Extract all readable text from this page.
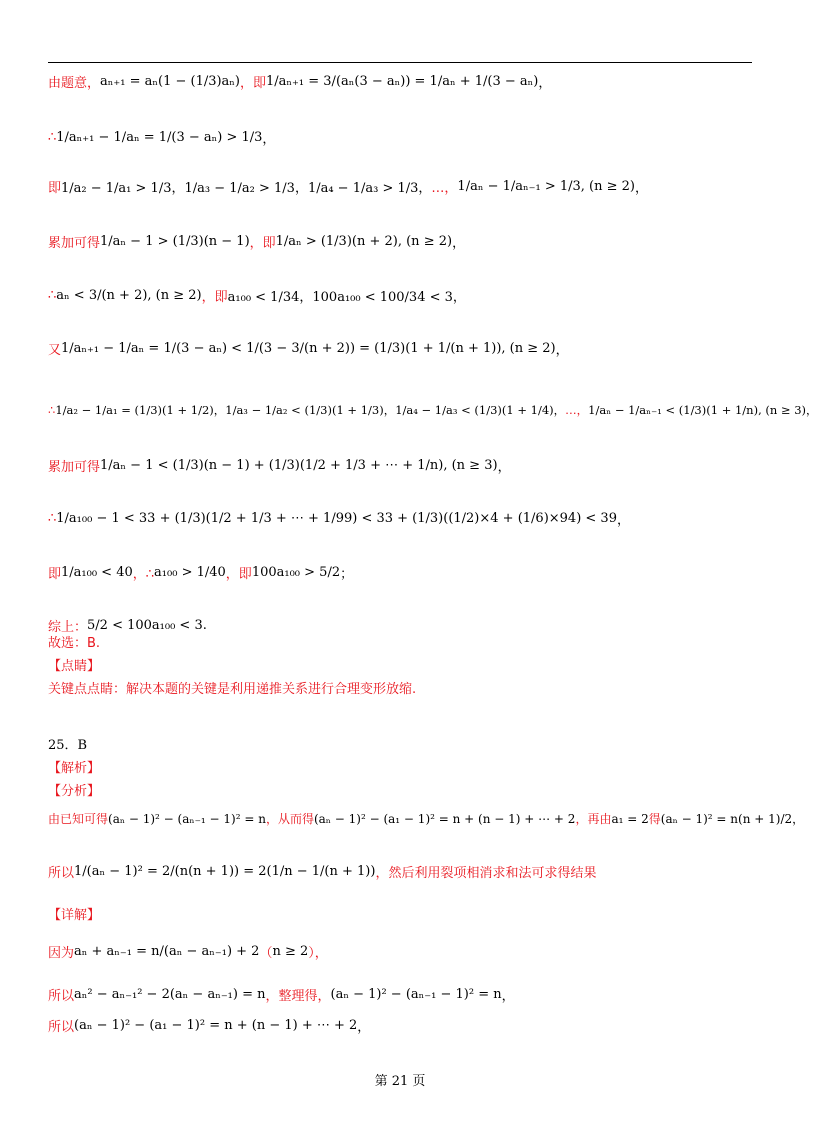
由题意， aₙ₊₁ = aₙ(1 − (1/3)aₙ) ，即 1/aₙ₊₁ = 3/(aₙ(3 − aₙ)) = 1/aₙ + 1/(3 − aₙ) ，
∴ 1/aₙ₊₁ − 1/aₙ = 1/(3 − aₙ) > 1/3 ，
即 1/a₂ − 1/a₁ > 1/3，1/a₃ − 1/a₂ > 1/3，1/a₄ − 1/a₃ > 1/3， …， 1/aₙ − 1/aₙ₋₁ > 1/3, (n ≥ 2) ，
累加可得 1/aₙ − 1 > (1/3)(n − 1) ，即 1/aₙ > (1/3)(n + 2), (n ≥ 2) ，
∴ aₙ < 3/(n + 2), (n ≥ 2) ，即 a₁₀₀ < 1/34，100a₁₀₀ < 100/34 < 3 ，
又 1/aₙ₊₁ − 1/aₙ = 1/(3 − aₙ) < 1/(3 − 3/(n + 2)) = (1/3)(1 + 1/(n + 1)), (n ≥ 2) ，
∴ 1/a₂ − 1/a₁ = (1/3)(1 + 1/2)，1/a₃ − 1/a₂ < (1/3)(1 + 1/3)，1/a₄ − 1/a₃ < (1/3)(1 + 1/4)， …， 1/aₙ − 1/aₙ₋₁ < (1/3)(1 + 1/n), (n ≥ 3) ，
累加可得 1/aₙ − 1 < (1/3)(n − 1) + (1/3)(1/2 + 1/3 + ⋯ + 1/n), (n ≥ 3) ，
∴ 1/a₁₀₀ − 1 < 33 + (1/3)(1/2 + 1/3 + ⋯ + 1/99) < 33 + (1/3)((1/2)×4 + (1/6)×94) < 39 ，
即 1/a₁₀₀ < 40 ，∴ a₁₀₀ > 1/40 ，即 100a₁₀₀ > 5/2 ；
综上： 5/2 < 100a₁₀₀ < 3 .
故选：B.
【点睛】
关键点点睛：解决本题的关键是利用递推关系进行合理变形放缩.
25．B
【解析】
【分析】
由已知可得 (aₙ − 1)² − (aₙ₋₁ − 1)² = n ，从而得 (aₙ − 1)² − (a₁ − 1)² = n + (n − 1) + ⋯ + 2 ，再由 a₁ = 2 得 (aₙ − 1)² = n(n + 1)/2 ，
所以 1/(aₙ − 1)² = 2/(n(n + 1)) = 2(1/n − 1/(n + 1)) ，然后利用裂项相消求和法可求得结果
【详解】
因为 aₙ + aₙ₋₁ = n/(aₙ − aₙ₋₁) + 2 （ n ≥ 2 ），
所以 aₙ² − aₙ₋₁² − 2(aₙ − aₙ₋₁) = n ，整理得， (aₙ − 1)² − (aₙ₋₁ − 1)² = n ，
所以 (aₙ − 1)² − (a₁ − 1)² = n + (n − 1) + ⋯ + 2 ，
第 21 页
